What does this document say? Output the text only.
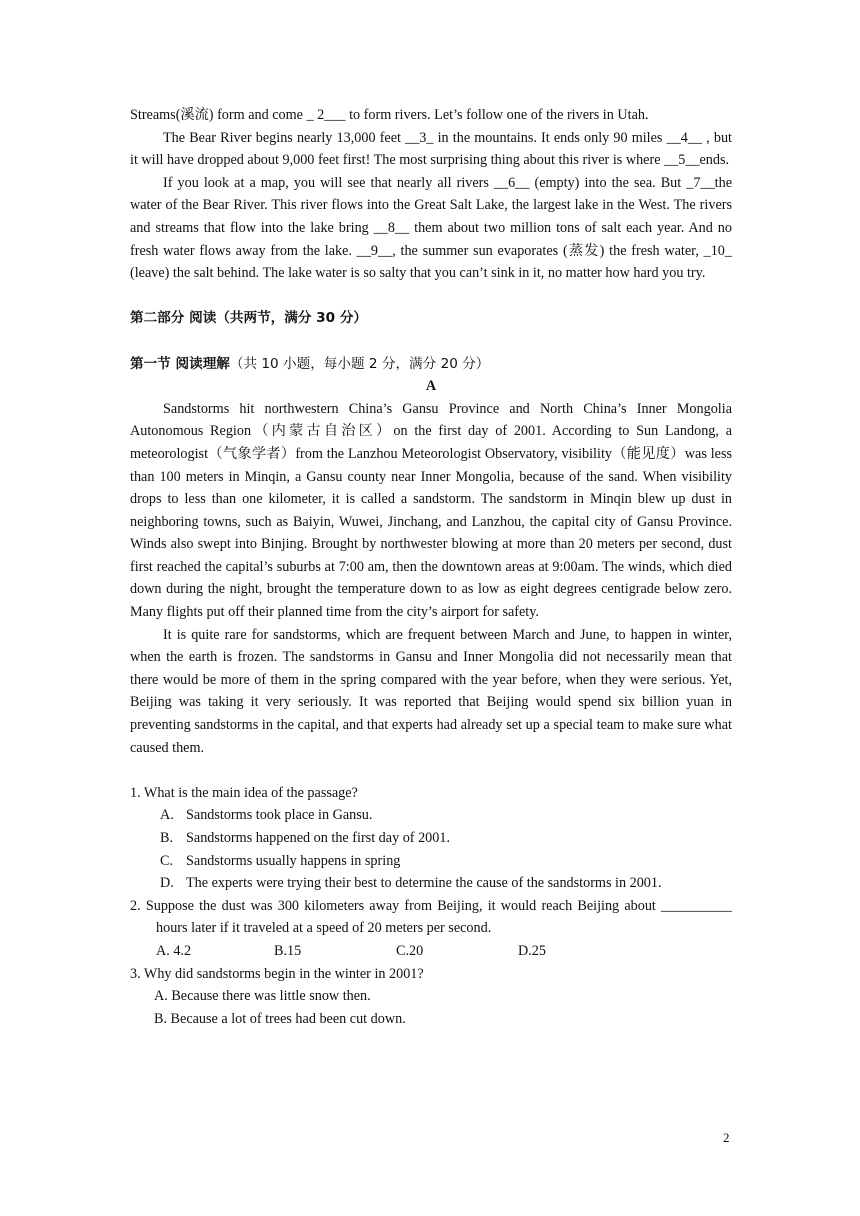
Streams(溪流) form and come _ 2___ to form rivers. Let’s follow one of the rivers in Utah.

The Bear River begins nearly 13,000 feet __3_ in the mountains. It ends only 90 miles __4__ , but it will have dropped about 9,000 feet first! The most surprising thing about this river is where __5__ends.

If you look at a map, you will see that nearly all rivers __6__ (empty) into the sea. But _7__the water of the Bear River. This river flows into the Great Salt Lake, the largest lake in the West. The rivers and streams that flow into the lake bring __8__ them about two million tons of salt each year. And no fresh water flows away from the lake. __9__, the summer sun evaporates (蒸发) the fresh water, _10_ (leave) the salt behind. The lake water is so salty that you can’t sink in it, no matter how hard you try.

第二部分 阅读（共两节，满分 30 分）

第一节 阅读理解（共 10 小题，每小题 2 分，满分 20 分）

A

Sandstorms hit northwestern China’s Gansu Province and North China’s Inner Mongolia Autonomous Region（内蒙古自治区）on the first day of 2001. According to Sun Landong, a meteorologist（气象学者）from the Lanzhou Meteorologist Observatory, visibility（能见度）was less than 100 meters in Minqin, a Gansu county near Inner Mongolia, because of the sand. When visibility drops to less than one kilometer, it is called a sandstorm. The sandstorm in Minqin blew up dust in neighboring towns, such as Baiyin, Wuwei, Jinchang, and Lanzhou, the capital city of Gansu Province. Winds also swept into Binjing. Brought by northwester blowing at more than 20 meters per second, dust first reached the capital’s suburbs at 7:00 am, then the downtown areas at 9:00am. The winds, which died down during the night, brought the temperature down to as low as eight degrees centigrade below zero. Many flights put off their planned time from the city’s airport for safety.

It is quite rare for sandstorms, which are frequent between March and June, to happen in winter, when the earth is frozen. The sandstorms in Gansu and Inner Mongolia did not necessarily mean that there would be more of them in the spring compared with the year before, when they were serious. Yet, Beijing was taking it very seriously. It was reported that Beijing would spend six billion yuan in preventing sandstorms in the capital, and that experts had already set up a special team to make sure what caused them.

1. What is the main idea of the passage?

A. Sandstorms took place in Gansu.

B. Sandstorms happened on the first day of 2001.

C. Sandstorms usually happens in spring

D. The experts were trying their best to determine the cause of the sandstorms in 2001.

2. Suppose the dust was 300 kilometers away from Beijing, it would reach Beijing about __________ hours later if it traveled at a speed of 20 meters per second.

A. 4.2	B.15	C.20	D.25

3. Why did sandstorms begin in the winter in 2001?

A. Because there was little snow then.

B. Because a lot of trees had been cut down.

2
